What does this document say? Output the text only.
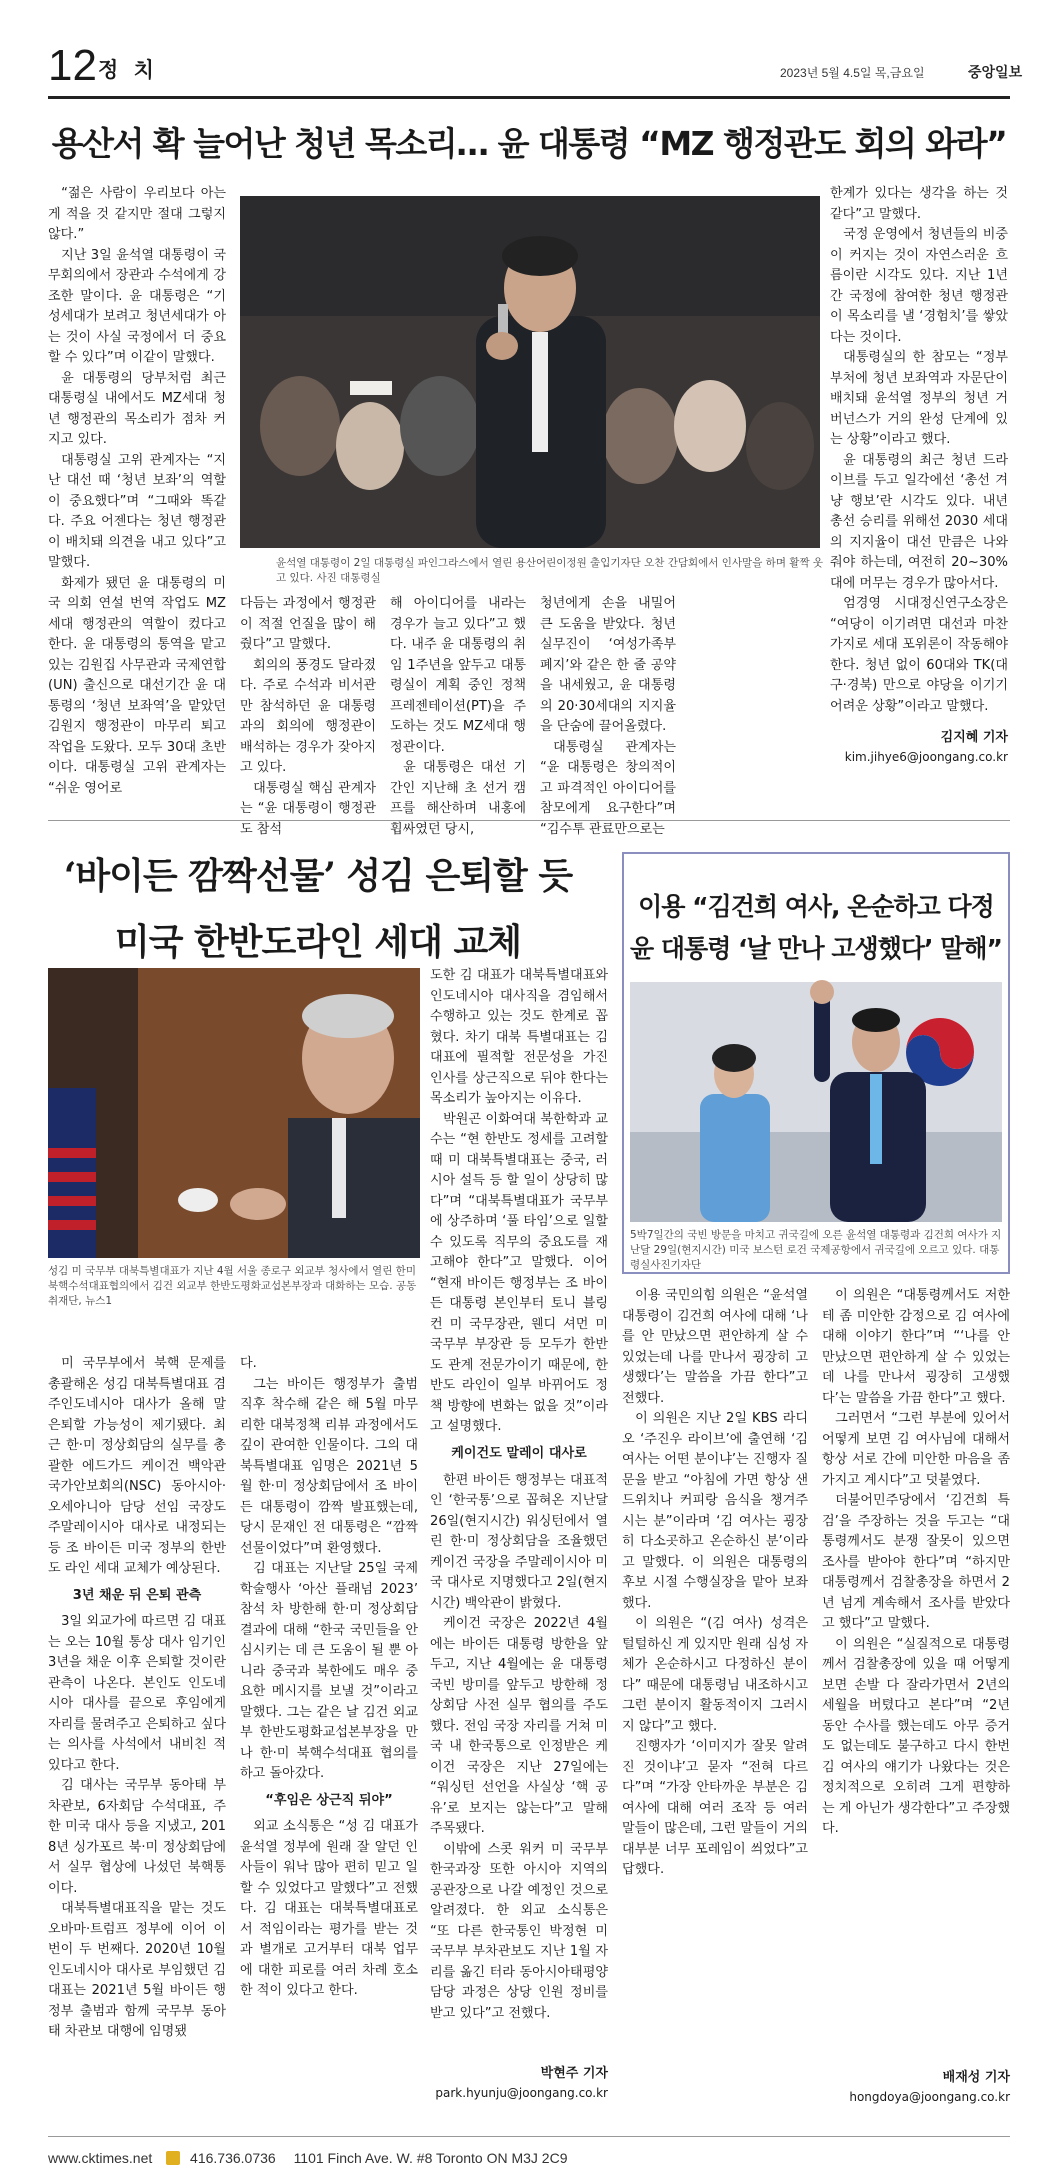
12 정 치	2023년 5월 4.5일 목,금요일	중앙일보
용산서 확 늘어난 청년 목소리… 윤 대통령 “MZ 행정관도 회의 와라”

“젊은 사람이 우리보다 아는 게 적을 것 같지만 절대 그렇지 않다.”

지난 3일 윤석열 대통령이 국무회의에서 장관과 수석에게 강조한 말이다. 윤 대통령은 “기성세대가 보려고 청년세대가 아는 것이 사실 국정에서 더 중요할 수 있다”며 이같이 말했다.

윤 대통령의 당부처럼 최근 대통령실 내에서도 MZ세대 청년 행정관의 목소리가 점차 커지고 있다.

대통령실 고위 관계자는 “지난 대선 때 ‘청년 보좌’의 역할이 중요했다”며 “그때와 똑같다. 주요 어젠다는 청년 행정관이 배치돼 의견을 내고 있다”고 말했다.

화제가 됐던 윤 대통령의 미국 의회 연설 번역 작업도 MZ세대 행정관의 역할이 컸다고 한다. 윤 대통령의 통역을 맡고 있는 김원집 사무관과 국제연합(UN) 출신으로 대선기간 윤 대통령의 ‘청년 보좌역’을 맡았던 김원지 행정관이 마무리 퇴고 작업을 도왔다. 모두 30대 초반이다. 대통령실 고위 관계자는 “쉬운 영어로

윤석열 대통령이 2일 대통령실 파인그라스에서 열린 용산어린이정원 출입기자단 오찬 간담회에서 인사말을 하며 활짝 웃고 있다. 사진 대통령실

한계가 있다는 생각을 하는 것 같다”고 말했다.

국정 운영에서 청년들의 비중이 커지는 것이 자연스러운 흐름이란 시각도 있다. 지난 1년간 국정에 참여한 청년 행정관이 목소리를 낼 ‘경험치’를 쌓았다는 것이다.

대통령실의 한 참모는 “정부 부처에 청년 보좌역과 자문단이 배치돼 윤석열 정부의 청년 거버넌스가 거의 완성 단계에 있는 상황”이라고 했다.

윤 대통령의 최근 청년 드라이브를 두고 일각에선 ‘총선 겨냥 행보’란 시각도 있다. 내년 총선 승리를 위해선 2030 세대의 지지율이 대선 만큼은 나와줘야 하는데, 여전히 20~30%대에 머무는 경우가 많아서다.

엄경영 시대정신연구소장은 “여당이 이기려면 대선과 마찬가지로 세대 포위론이 작동해야 한다. 청년 없이 60대와 TK(대구·경북) 만으로 야당을 이기기 어려운 상황”이라고 말했다.

다듬는 과정에서 행정관이 적절 언질을 많이 해줬다”고 말했다.

회의의 풍경도 달라졌다. 주로 수석과 비서관만 참석하던 윤 대통령과의 회의에 행정관이 배석하는 경우가 잦아지고 있다.

대통령실 핵심 관계자는 “윤 대통령이 행정관도 참석

해 아이디어를 내라는 경우가 늘고 있다”고 했다. 내주 윤 대통령의 취임 1주년을 앞두고 대통령실이 계획 중인 정책 프레젠테이션(PT)을 주도하는 것도 MZ세대 행정관이다.

윤 대통령은 대선 기간인 지난해 초 선거 캠프를 해산하며 내홍에 휩싸였던 당시,

청년에게 손을 내밀어 큰 도움을 받았다. 청년 실무진이 ‘여성가족부 폐지’와 같은 한 줄 공약을 내세웠고, 윤 대통령의 20·30세대의 지지율을 단숨에 끌어올렸다.

대통령실 관계자는 “윤 대통령은 창의적이고 파격적인 아이디어를 참모에게 요구한다”며 “김수투 관료만으로는

김지혜 기자
kim.jihye6@joongang.co.kr
‘바이든 깜짝선물’ 성김 은퇴할 듯
미국 한반도라인 세대 교체
성김 미 국무부 대북특별대표가 지난 4월 서울 종로구 외교부 청사에서 열린 한미 북핵수석대표협의에서 김건 외교부 한반도평화교섭본부장과 대화하는 모습. 공동취재단, 뉴스1

도한 김 대표가 대북특별대표와 인도네시아 대사직을 겸임해서 수행하고 있는 것도 한계로 꼽혔다. 차기 대북 특별대표는 김 대표에 필적할 전문성을 가진 인사를 상근직으로 뒤야 한다는 목소리가 높아지는 이유다.

박원곤 이화여대 북한학과 교수는 “현 한반도 정세를 고려할 때 미 대북특별대표는 중국, 러시아 설득 등 할 일이 상당히 많다”며 “대북특별대표가 국무부에 상주하며 ‘풀 타임’으로 일할 수 있도록 직무의 중요도를 재고해야 한다”고 말했다. 이어 “현재 바이든 행정부는 조 바이든 대통령 본인부터 토니 블링컨 미 국무장관, 웬디 셔먼 미 국무부 부장관 등 모두가 한반도 관계 전문가이기 때문에, 한반도 라인이 일부 바뀌어도 정책 방향에 변화는 없을 것”이라고 설명했다.

미 국무부에서 북핵 문제를 총괄해온 성김 대북특별대표 겸 주인도네시아 대사가 올해 말 은퇴할 가능성이 제기됐다. 최근 한·미 정상회담의 실무를 총괄한 에드가드 케이건 백악관 국가안보회의(NSC) 동아시아·오세아니아 담당 선임 국장도 주말레이시아 대사로 내정되는 등 조 바이든 미국 정부의 한반도 라인 세대 교체가 예상된다.

3년 채운 뒤 은퇴 관측

3일 외교가에 따르면 김 대표는 오는 10월 통상 대사 임기인 3년을 채운 이후 은퇴할 것이란 관측이 나온다. 본인도 인도네시아 대사를 끝으로 후임에게 자리를 물려주고 은퇴하고 싶다는 의사를 사석에서 내비친 적 있다고 한다.

김 대사는 국무부 동아태 부차관보, 6자회담 수석대표, 주한 미국 대사 등을 지냈고, 2018년 싱가포르 북·미 정상회담에서 실무 협상에 나섰던 북핵통이다.

대북특별대표직을 맡는 것도 오바마·트럼프 정부에 이어 이번이 두 번째다. 2020년 10월 인도네시아 대사로 부임했던 김 대표는 2021년 5월 바이든 행정부 출범과 함께 국무부 동아태 차관보 대행에 임명됐

다.

그는 바이든 행정부가 출범 직후 착수해 같은 해 5월 마무리한 대북정책 리뷰 과정에서도 깊이 관여한 인물이다. 그의 대북특별대표 임명은 2021년 5월 한·미 정상회담에서 조 바이든 대통령이 깜짝 발표했는데, 당시 문재인 전 대통령은 “깜짝 선물이었다”며 환영했다.

김 대표는 지난달 25일 국제 학술행사 ‘아산 플래넘 2023’ 참석 차 방한해 한·미 정상회담 결과에 대해 “한국 국민들을 안심시키는 데 큰 도움이 될 뿐 아니라 중국과 북한에도 매우 중요한 메시지를 보낼 것”이라고 말했다. 그는 같은 날 김건 외교부 한반도평화교섭본부장을 만나 한·미 북핵수석대표 협의를 하고 돌아갔다.

“후임은 상근직 뒤야”

외교 소식통은 “성 김 대표가 윤석열 정부에 원래 잘 알던 인사들이 워낙 많아 편히 믿고 일할 수 있었다고 말했다”고 전했다. 김 대표는 대북특별대표로서 적임이라는 평가를 받는 것과 별개로 고거부터 대북 업무에 대한 피로를 여러 차례 호소한 적이 있다고 한다.

케이건도 말레이 대사로

한편 바이든 행정부는 대표적인 ‘한국통’으로 꼽혀온 지난달 26일(현지시간) 워싱턴에서 열린 한·미 정상회담을 조율했던 케이건 국장을 주말레이시아 미국 대사로 지명했다고 2일(현지시간) 백악관이 밝혔다.

케이건 국장은 2022년 4월에는 바이든 대통령 방한을 앞두고, 지난 4월에는 윤 대통령 국빈 방미를 앞두고 방한해 정상회담 사전 실무 협의를 주도했다. 전임 국장 자리를 거쳐 미국 내 한국통으로 인정받은 케이건 국장은 지난 27일에는 “워싱턴 선언을 사실상 ‘핵 공유’로 보지는 않는다”고 말해 주목됐다.

이밖에 스콧 워커 미 국무부 한국과장 또한 아시아 지역의 공관장으로 나갈 예정인 것으로 알려졌다. 한 외교 소식통은 “또 다른 한국통인 박정현 미 국무부 부차관보도 지난 1월 자리를 옮긴 터라 동아시아태평양 담당 과정은 상당 인원 정비를 받고 있다”고 전했다.

박현주 기자
park.hyunju@joongang.co.kr
이용 “김건희 여사, 온순하고 다정
윤 대통령 ‘날 만나 고생했다’ 말해”
5박7일간의 국빈 방문을 마치고 귀국길에 오른 윤석열 대통령과 김건희 여사가 지난달 29일(현지시간) 미국 보스턴 로건 국제공항에서 귀국길에 오르고 있다. 대통령실사진기자단

이용 국민의힘 의원은 “윤석열 대통령이 김건희 여사에 대해 ‘나를 안 만났으면 편안하게 살 수 있었는데 나를 만나서 굉장히 고생했다’는 말씀을 가끔 한다”고 전했다.

이 의원은 지난 2일 KBS 라디오 ‘주진우 라이브’에 출연해 ‘김 여사는 어떤 분이냐’는 진행자 질문을 받고 “아침에 가면 항상 샌드위치나 커피랑 음식을 챙겨주시는 분”이라며 ‘김 여사는 굉장히 다소곳하고 온순하신 분’이라고 말했다. 이 의원은 대통령의 후보 시절 수행실장을 맡아 보좌했다.

이 의원은 “(김 여사) 성격은 털털하신 게 있지만 원래 심성 자체가 온순하시고 다정하신 분이다” 때문에 대통령님 내조하시고 그런 분이지 활동적이지 그러시지 않다”고 했다.

진행자가 ‘이미지가 잘못 알려진 것이냐’고 묻자 “전혀 다르다”며 “가장 안타까운 부분은 김 여사에 대해 여러 조작 등 여러 말들이 많은데, 그런 말들이 거의 대부분 너무 포레임이 씌었다”고 답했다.

이 의원은 “대통령께서도 저한테 좀 미안한 감정으로 김 여사에 대해 이야기 한다”며 “‘나를 안 만났으면 편안하게 살 수 있었는데 나를 만나서 굉장히 고생했다’는 말씀을 가끔 한다”고 했다.

그러면서 “그런 부분에 있어서 어떻게 보면 김 여사님에 대해서 항상 서로 간에 미안한 마음을 좀 가지고 계시다”고 덧붙였다.

더불어민주당에서 ‘김건희 특검’을 주장하는 것을 두고는 “대통령께서도 분쟁 잘못이 있으면 조사를 받아야 한다”며 “하지만 대통령께서 검찰총장을 하면서 2년 넘게 계속해서 조사를 받았다고 했다”고 말했다.

이 의원은 “실질적으로 대통령께서 검찰총장에 있을 때 어떻게 보면 손발 다 잘라가면서 2년의 세월을 버텼다고 본다”며 “2년 동안 수사를 했는데도 아무 증거도 없는데도 불구하고 다시 한번 김 여사의 얘기가 나왔다는 것은 정치적으로 오히려 그게 편향하는 게 아닌가 생각한다”고 주장했다.

배재성 기자
hongdoya@joongang.co.kr
www.cktimes.net	416.736.0736 1101 Finch Ave. W. #8 Toronto ON M3J 2C9
